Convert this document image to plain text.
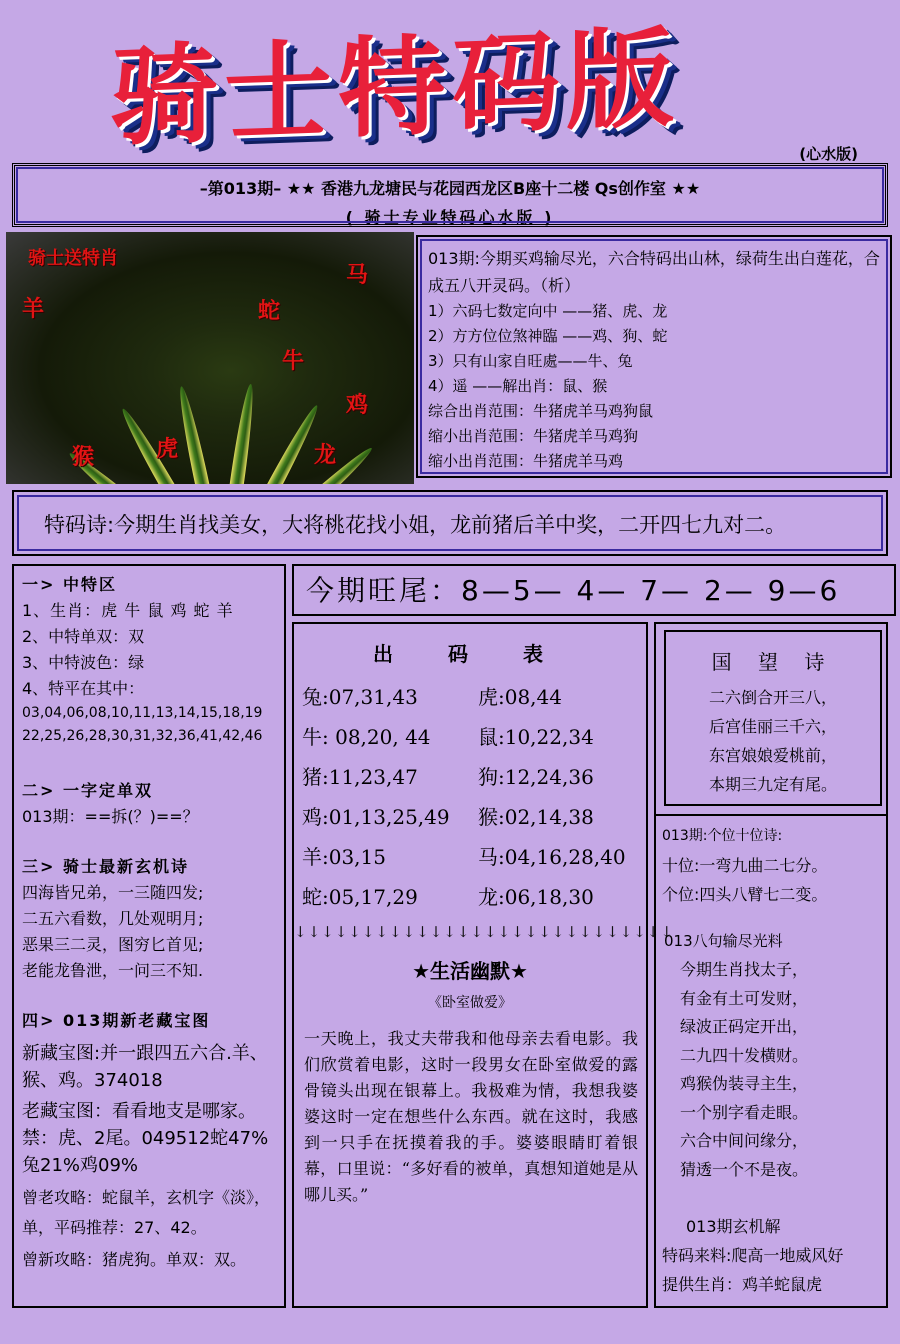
骑士特码版	(心水版)
–第013期– ★★ 香港九龙塘民与花园西龙区B座十二楼 Qs创作室 ★★
( 骑士专业特码心水版 )
骑士送特肖
马
羊	蛇
牛
鸡
猴	虎	龙
013期:今期买鸡输尽光，六合特码出山林，绿荷生出白莲花，合成五八开灵码。（析）
1）六码七数定向中 ——猪、虎、龙
2）方方位位煞神臨 ——鸡、狗、蛇
3）只有山家自旺處——牛、兔
4）遥 ——解出肖：鼠、猴
综合出肖范围：牛猪虎羊马鸡狗鼠
缩小出肖范围：牛猪虎羊马鸡狗
缩小出肖范围：牛猪虎羊马鸡
特码诗:今期生肖找美女，大将桃花找小姐，龙前猪后羊中奖，二开四七九对二。

一> 中特区

1、生肖：虎 牛 鼠 鸡 蛇 羊

2、中特单双：双

3、中特波色：绿

4、特平在其中：

03,04,06,08,10,11,13,14,15,18,19

22,25,26,28,30,31,32,36,41,42,46

二> 一字定单双

013期：==拆(？)==？

三> 骑士最新玄机诗

四海皆兄弟，一三随四发;

二五六看数，几处观明月;

恶果三二灵，图穷匕首见;

老能龙鲁泄，一问三不知.

四> 013期新老藏宝图

新藏宝图:并一跟四五六合.羊、猴、鸡。374018

老藏宝图：看看地支是哪家。禁：虎、2尾。049512蛇47%兔21%鸡09%

曾老攻略：蛇鼠羊，玄机字《淡》，单，平码推荐：27、42。

曾新攻略：猪虎狗。单双：双。

今期旺尾：8—5— 4— 7— 2— 9—6
出 码 表
兔:07,31,43	虎:08,44
牛: 08,20, 44	鼠:10,22,34
猪:11,23,47	狗:12,24,36
鸡:01,13,25,49	猴:02,14,38
羊:03,15	马:04,16,28,40
蛇:05,17,29	龙:06,18,30
↓↓↓↓↓↓↓↓↓↓↓↓↓↓↓↓↓↓↓↓↓↓↓↓↓↓↓↓
★生活幽默★
《卧室做爱》
一天晚上，我丈夫带我和他母亲去看电影。我们欣赏着电影，这时一段男女在卧室做爱的露骨镜头出现在银幕上。我极难为情，我想我婆婆这时一定在想些什么东西。就在这时，我感到一只手在抚摸着我的手。婆婆眼睛盯着银幕，口里说：“多好看的被单，真想知道她是从哪儿买。”
国 望 诗

二六倒合开三八，

后宫佳丽三千六，

东宫娘娘爱桃前，

本期三九定有尾。

013期:个位十位诗:

十位:一弯九曲二七分。

个位:四头八臂七二变。

013八句输尽光料

今期生肖找太子，

有金有土可发财，

绿波正码定开出，

二九四十发横财。

鸡猴伪装寻主生，

一个别字看走眼。

六合中间问缘分，

猜透一个不是夜。

013期玄机解

特码来料:爬高一地威风好

提供生肖：鸡羊蛇鼠虎
